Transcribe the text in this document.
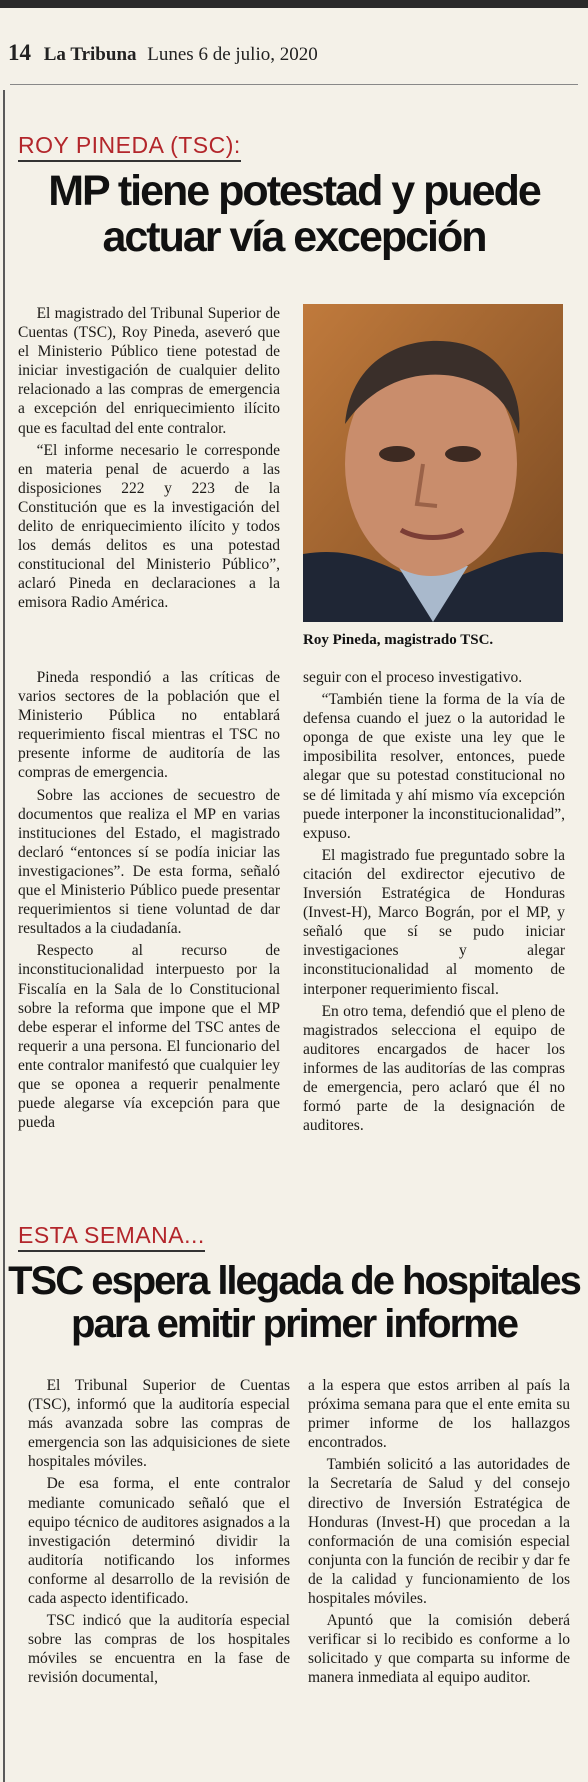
14 La Tribuna Lunes 6 de julio, 2020
ROY PINEDA (TSC):
MP tiene potestad y puede
actuar vía excepción

El magistrado del Tribunal Superior de Cuentas (TSC), Roy Pineda, aseveró que el Ministerio Público tiene potestad de iniciar investigación de cualquier delito relacionado a las compras de emergencia a excepción del enriquecimiento ilícito que es facultad del ente contralor.

“El informe necesario le corresponde en materia penal de acuerdo a las disposiciones 222 y 223 de la Constitución que es la investigación del delito de enriquecimiento ilícito y todos los demás delitos es una potestad constitucional del Ministerio Público”, aclaró Pineda en declaraciones a la emisora Radio América.

Roy Pineda, magistrado TSC.

Pineda respondió a las críticas de varios sectores de la población que el Ministerio Pública no entablará requerimiento fiscal mientras el TSC no presente informe de auditoría de las compras de emergencia.

Sobre las acciones de secuestro de documentos que realiza el MP en varias instituciones del Estado, el magistrado declaró “entonces sí se podía iniciar las investigaciones”. De esta forma, señaló que el Ministerio Público puede presentar requerimientos si tiene voluntad de dar resultados a la ciudadanía.

Respecto al recurso de inconstitucionalidad interpuesto por la Fiscalía en la Sala de lo Constitucional sobre la reforma que impone que el MP debe esperar el informe del TSC antes de requerir a una persona. El funcionario del ente contralor manifestó que cualquier ley que se oponea a requerir penalmente puede alegarse vía excepción para que pueda

seguir con el proceso investigativo.

“También tiene la forma de la vía de defensa cuando el juez o la autoridad le oponga de que existe una ley que le imposibilita resolver, entonces, puede alegar que su potestad constitucional no se dé limitada y ahí mismo vía excepción puede interponer la inconstitucionalidad”, expuso.

El magistrado fue preguntado sobre la citación del exdirector ejecutivo de Inversión Estratégica de Honduras (Invest-H), Marco Bográn, por el MP, y señaló que sí se pudo iniciar investigaciones y alegar inconstitucionalidad al momento de interponer requerimiento fiscal.

En otro tema, defendió que el pleno de magistrados selecciona el equipo de auditores encargados de hacer los informes de las auditorías de las compras de emergencia, pero aclaró que él no formó parte de la designación de auditores.

ESTA SEMANA...
TSC espera llegada de hospitales
para emitir primer informe

El Tribunal Superior de Cuentas (TSC), informó que la auditoría especial más avanzada sobre las compras de emergencia son las adquisiciones de siete hospitales móviles.

De esa forma, el ente contralor mediante comunicado señaló que el equipo técnico de auditores asignados a la investigación determinó dividir la auditoría notificando los informes conforme al desarrollo de la revisión de cada aspecto identificado.

TSC indicó que la auditoría especial sobre las compras de los hospitales móviles se encuentra en la fase de revisión documental,

a la espera que estos arriben al país la próxima semana para que el ente emita su primer informe de los hallazgos encontrados.

También solicitó a las autoridades de la Secretaría de Salud y del consejo directivo de Inversión Estratégica de Honduras (Invest-H) que procedan a la conformación de una comisión especial conjunta con la función de recibir y dar fe de la calidad y funcionamiento de los hospitales móviles.

Apuntó que la comisión deberá verificar si lo recibido es conforme a lo solicitado y que comparta su informe de manera inmediata al equipo auditor.
